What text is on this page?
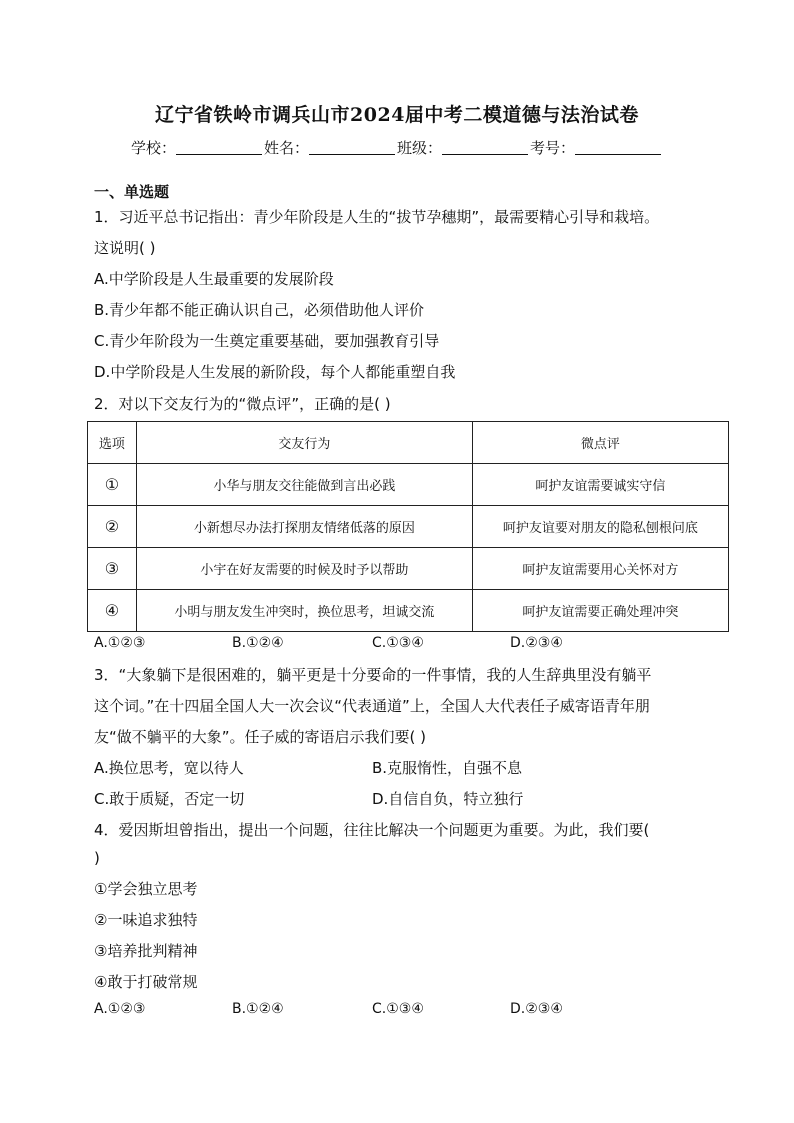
辽宁省铁岭市调兵山市2024届中考二模道德与法治试卷
学校：	姓名：	班级：	考号：
一、单选题
1．习近平总书记指出：青少年阶段是人生的“拔节孕穗期”，最需要精心引导和栽培。
这说明( )
A.中学阶段是人生最重要的发展阶段
B.青少年都不能正确认识自己，必须借助他人评价
C.青少年阶段为一生奠定重要基础，要加强教育引导
D.中学阶段是人生发展的新阶段，每个人都能重塑自我
2．对以下交友行为的“微点评”，正确的是( )
选项	交友行为	微点评
①	小华与朋友交往能做到言出必践	呵护友谊需要诚实守信
②	小新想尽办法打探朋友情绪低落的原因	呵护友谊要对朋友的隐私刨根问底
③	小宇在好友需要的时候及时予以帮助	呵护友谊需要用心关怀对方
④	小明与朋友发生冲突时，换位思考，坦诚交流	呵护友谊需要正确处理冲突
A.①②③	B.①②④	C.①③④	D.②③④
3．“大象躺下是很困难的，躺平更是十分要命的一件事情，我的人生辞典里没有躺平
这个词。”在十四届全国人大一次会议“代表通道”上，全国人大代表任子威寄语青年朋
友“做不躺平的大象”。任子威的寄语启示我们要( )
A.换位思考，宽以待人	B.克服惰性，自强不息
C.敢于质疑，否定一切	D.自信自负，特立独行
4．爱因斯坦曾指出，提出一个问题，往往比解决一个问题更为重要。为此，我们要(
)
①学会独立思考
②一味追求独特
③培养批判精神
④敢于打破常规
A.①②③	B.①②④	C.①③④	D.②③④
